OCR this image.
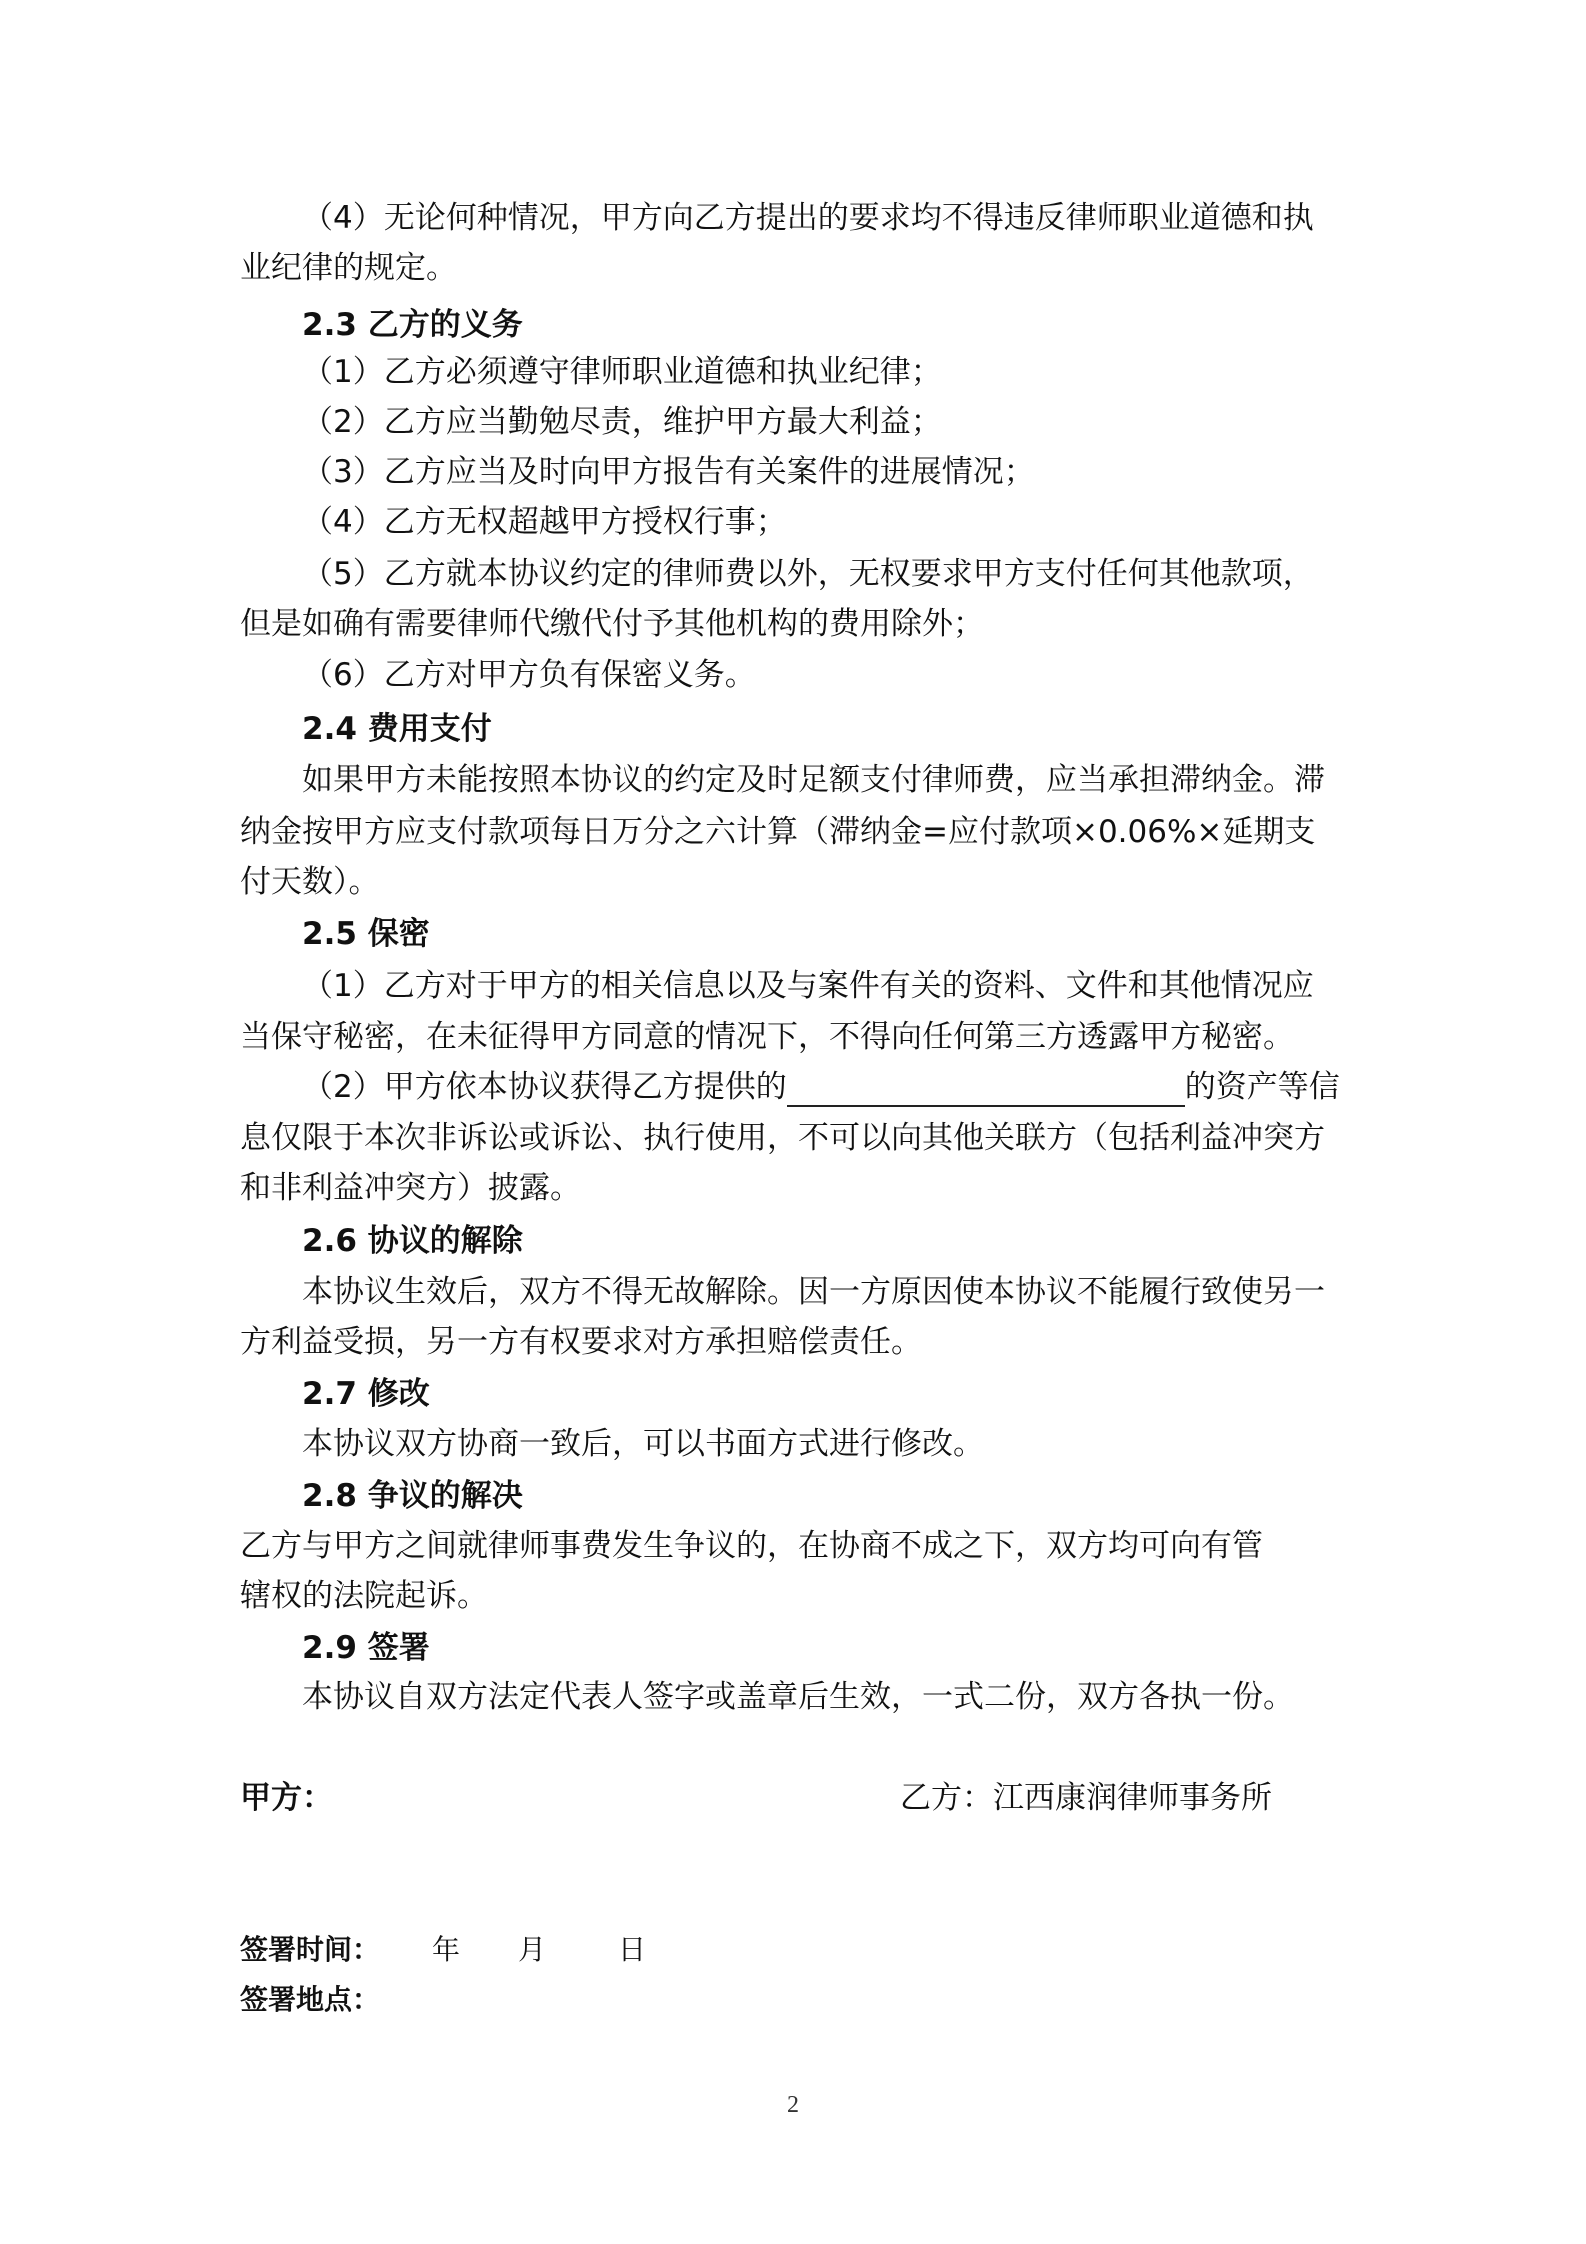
（4）无论何种情况，甲方向乙方提出的要求均不得违反律师职业道德和执
业纪律的规定。
2.3 乙方的义务
（1）乙方必须遵守律师职业道德和执业纪律；
（2）乙方应当勤勉尽责，维护甲方最大利益；
（3）乙方应当及时向甲方报告有关案件的进展情况；
（4）乙方无权超越甲方授权行事；
（5）乙方就本协议约定的律师费以外，无权要求甲方支付任何其他款项，
但是如确有需要律师代缴代付予其他机构的费用除外；
（6）乙方对甲方负有保密义务。
2.4 费用支付
如果甲方未能按照本协议的约定及时足额支付律师费，应当承担滞纳金。滞
纳金按甲方应支付款项每日万分之六计算（滞纳金=应付款项×0.06%×延期支
付天数）。
2.5 保密
（1）乙方对于甲方的相关信息以及与案件有关的资料、文件和其他情况应
当保守秘密，在未征得甲方同意的情况下，不得向任何第三方透露甲方秘密。
（2）甲方依本协议获得乙方提供的	的资产等信
息仅限于本次非诉讼或诉讼、执行使用，不可以向其他关联方（包括利益冲突方
和非利益冲突方）披露。
2.6 协议的解除
本协议生效后，双方不得无故解除。因一方原因使本协议不能履行致使另一
方利益受损，另一方有权要求对方承担赔偿责任。
2.7 修改
本协议双方协商一致后，可以书面方式进行修改。
2.8 争议的解决
乙方与甲方之间就律师事费发生争议的，在协商不成之下，双方均可向有管
辖权的法院起诉。
2.9 签署
本协议自双方法定代表人签字或盖章后生效，一式二份，双方各执一份。
甲方：	乙方：江西康润律师事务所
签署时间： 年 月	日
签署地点：
2
